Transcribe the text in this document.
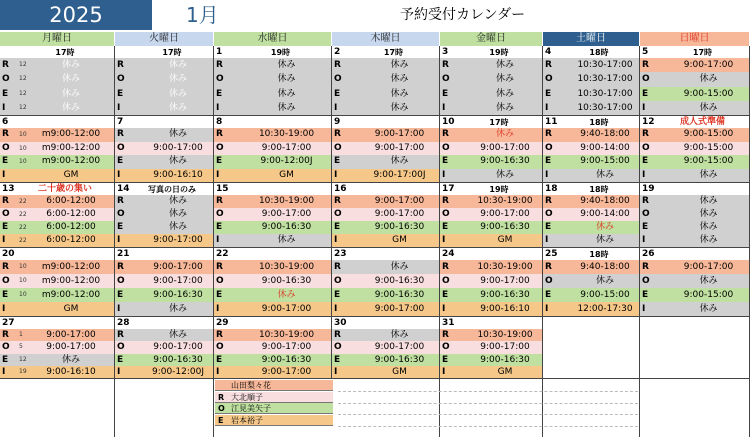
2025	1月	予約受付カレンダー
月曜日	火曜日	水曜日	木曜日	金曜日	土曜日	日曜日
17時
R	12	休み
O	12	休み
E	12	休み
I	12	休み
17時
R	休み
O	休み
E	休み
I	休み
1	19時
R	休み
O	休み
E	休み
I	休み
2	17時
R	休み
O	休み
E	休み
I	休み
3	19時
R	休み
O	休み
E	休み
I	休み
4	18時
R	10:30-17:00
O	10:30-17:00
E	10:30-17:00
I	10:30-17:00
5	17時
R	9:00-17:00
O	休み
E	9:00-15:00
I	休み
6
R	10	m9:00-12:00
O	10	m9:00-12:00
E	10	m9:00-12:00
I	GM
7
R	休み
O	9:00-17:00
E	休み
I	9:00-16:10
8
R	10:30-19:00
O	9:00-17:00
E	9:00-12:00J
I	GM
9
R	9:00-17:00
O	9:00-17:00
E	休み
I	9:00-17:00J
10	17時
R	休み
O	9:00-17:00
E	9:00-16:30
I	休み
11	18時
R	9:40-18:00
O	9:00-14:00
E	9:00-15:00
I	休み
12	成人式準備
R	9:00-15:00
O	9:00-15:00
E	9:00-15:00
I	休み
13	二十歳の集い
R	22	6:00-12:00
O	22	6:00-12:00
E	22	6:00-12:00
I	22	6:00-12:00
14	写真の日のみ
R	休み
O	休み
E	休み
I	9:00-17:00
15
R	10:30-19:00
O	9:00-17:00
E	9:00-16:30
I	休み
16
R	9:00-17:00
O	9:00-17:00
E	9:00-16:30
I	GM
17	19時
R	10:30-19:00
O	9:00-17:00
E	9:00-16:30
I	GM
18	18時
R	9:40-18:00
O	9:00-14:00
E	休み
I	休み
19
R	休み
O	休み
E	休み
I	休み
20
R	10	m9:00-12:00
O	10	m9:00-12:00
E	10	m9:00-12:00
I	GM
21
R	9:00-17:00
O	9:00-17:00
E	9:00-16:30
I	休み
22
R	10:30-19:00
O	9:00-16:30
E	休み
I	9:00-17:00
23
R	休み
O	9:00-16:30
E	9:00-16:30
I	9:00-17:00
24
R	10:30-19:00
O	9:00-17:00
E	9:00-16:30
I	9:00-16:10
25	18時
R	9:40-18:00
O	休み
E	9:00-15:00
I	12:00-17:30
26
R	9:00-17:00
O	休み
E	9:00-15:00
I	休み
27
R	1	9:00-17:00
O	5	9:00-17:00
E	12	休み
I	19	9:00-16:10
28
R	休み
O	9:00-17:00
E	9:00-16:30
I	9:00-12:00J
29
R	10:30-19:00
O	9:00-17:00
E	9:00-16:30
I	9:00-17:00
30
R	休み
O	9:00-17:00
E	9:00-16:30
I	GM
31
R	10:30-19:00
O	9:00-17:00
E	9:00-16:30
I	GM
山田梨々花
R 大北順子
O 江見美矢子
E 岩本裕子
